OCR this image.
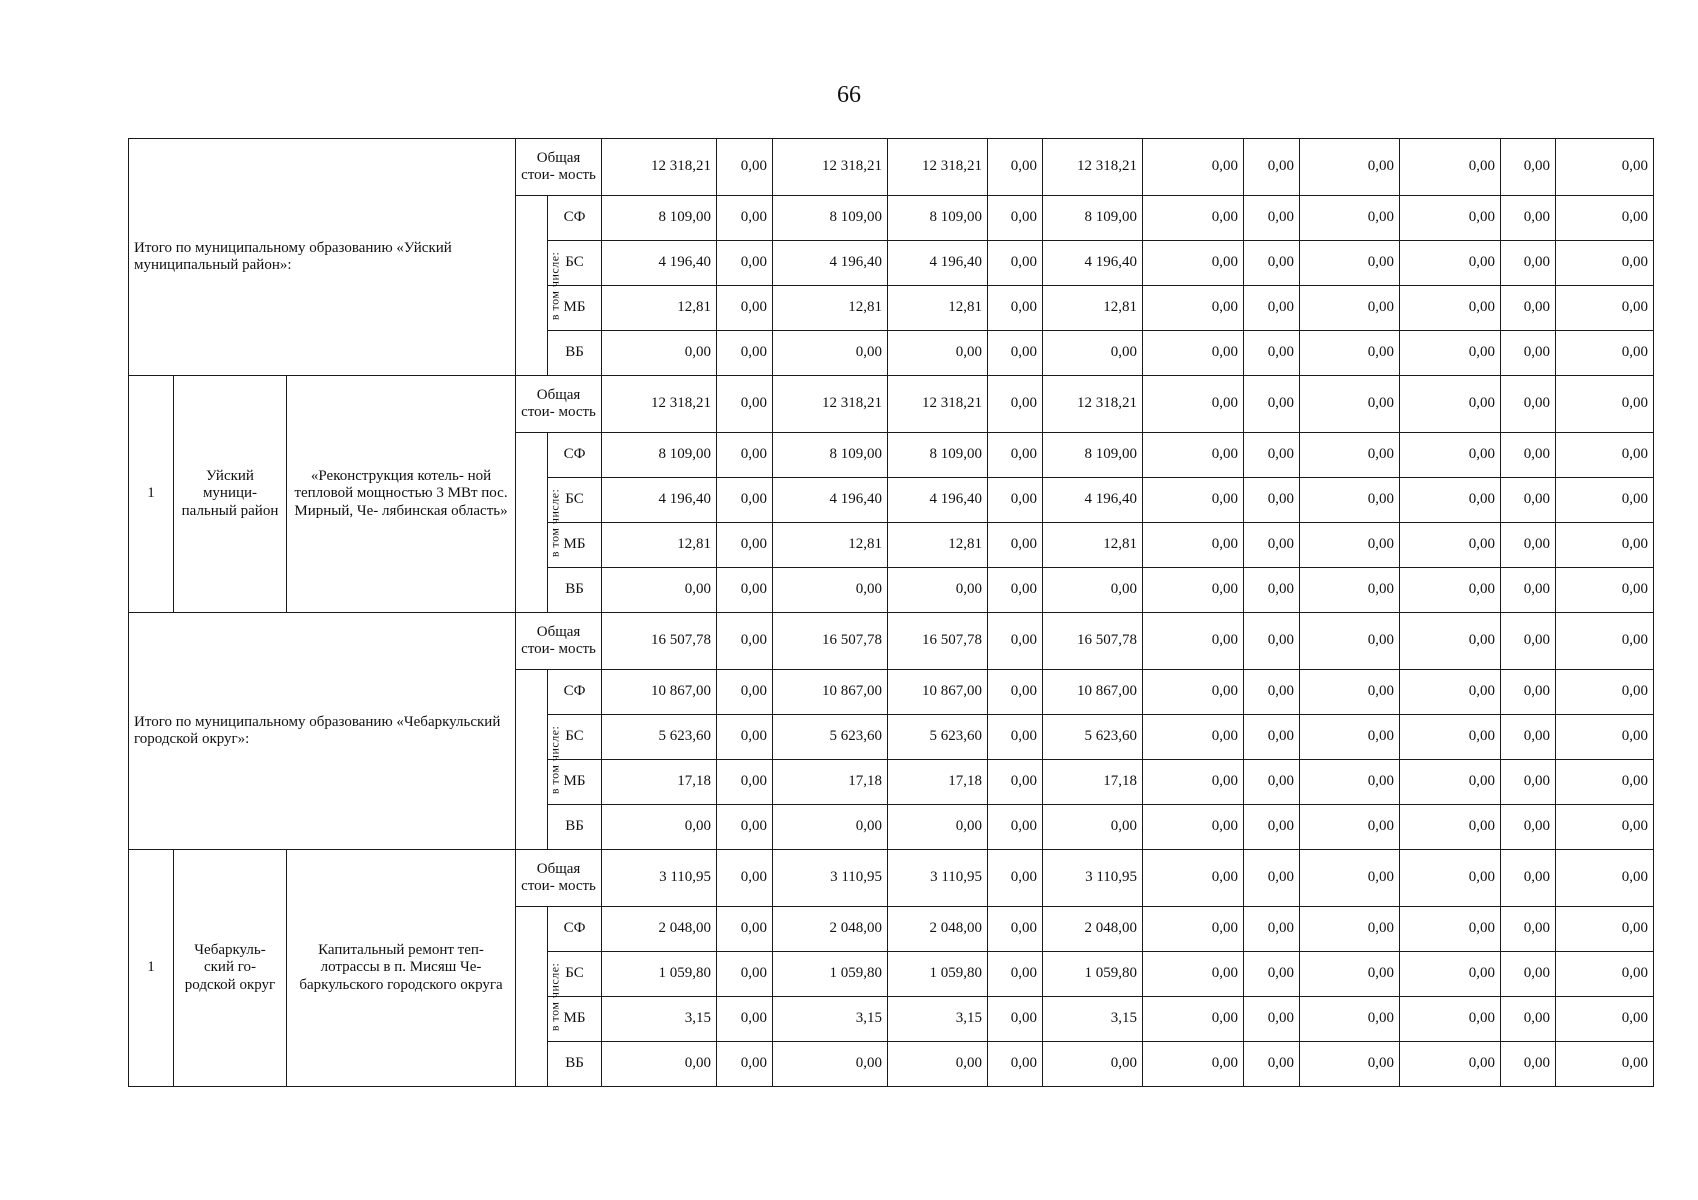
66
Итого по муниципальному образованию «Уйский муниципальный район»:			Общая стои- мость		12 318,21	0,00	12 318,21	12 318,21	0,00	12 318,21	0,00	0,00	0,00	0,00	0,00	0,00
			в том числе:	СФ	8 109,00	0,00	8 109,00	8 109,00	0,00	8 109,00	0,00	0,00	0,00	0,00	0,00	0,00
				БС	4 196,40	0,00	4 196,40	4 196,40	0,00	4 196,40	0,00	0,00	0,00	0,00	0,00	0,00
				МБ	12,81	0,00	12,81	12,81	0,00	12,81	0,00	0,00	0,00	0,00	0,00	0,00
				ВБ	0,00	0,00	0,00	0,00	0,00	0,00	0,00	0,00	0,00	0,00	0,00	0,00
1	Уйский муници- пальный район	«Реконструкция котель- ной тепловой мощностью 3 МВт пос. Мирный, Че- лябинская область»	Общая стои- мость		12 318,21	0,00	12 318,21	12 318,21	0,00	12 318,21	0,00	0,00	0,00	0,00	0,00	0,00
			в том числе:	СФ	8 109,00	0,00	8 109,00	8 109,00	0,00	8 109,00	0,00	0,00	0,00	0,00	0,00	0,00
				БС	4 196,40	0,00	4 196,40	4 196,40	0,00	4 196,40	0,00	0,00	0,00	0,00	0,00	0,00
				МБ	12,81	0,00	12,81	12,81	0,00	12,81	0,00	0,00	0,00	0,00	0,00	0,00
				ВБ	0,00	0,00	0,00	0,00	0,00	0,00	0,00	0,00	0,00	0,00	0,00	0,00
Итого по муниципальному образованию «Чебаркульский городской округ»:			Общая стои- мость		16 507,78	0,00	16 507,78	16 507,78	0,00	16 507,78	0,00	0,00	0,00	0,00	0,00	0,00
			в том числе:	СФ	10 867,00	0,00	10 867,00	10 867,00	0,00	10 867,00	0,00	0,00	0,00	0,00	0,00	0,00
				БС	5 623,60	0,00	5 623,60	5 623,60	0,00	5 623,60	0,00	0,00	0,00	0,00	0,00	0,00
				МБ	17,18	0,00	17,18	17,18	0,00	17,18	0,00	0,00	0,00	0,00	0,00	0,00
				ВБ	0,00	0,00	0,00	0,00	0,00	0,00	0,00	0,00	0,00	0,00	0,00	0,00
1	Чебаркуль- ский го- родской округ	Капитальный ремонт теп- лотрассы в п. Мисяш Че- баркульского городского округа	Общая стои- мость		3 110,95	0,00	3 110,95	3 110,95	0,00	3 110,95	0,00	0,00	0,00	0,00	0,00	0,00
			в том числе:	СФ	2 048,00	0,00	2 048,00	2 048,00	0,00	2 048,00	0,00	0,00	0,00	0,00	0,00	0,00
				БС	1 059,80	0,00	1 059,80	1 059,80	0,00	1 059,80	0,00	0,00	0,00	0,00	0,00	0,00
				МБ	3,15	0,00	3,15	3,15	0,00	3,15	0,00	0,00	0,00	0,00	0,00	0,00
				ВБ	0,00	0,00	0,00	0,00	0,00	0,00	0,00	0,00	0,00	0,00	0,00	0,00
